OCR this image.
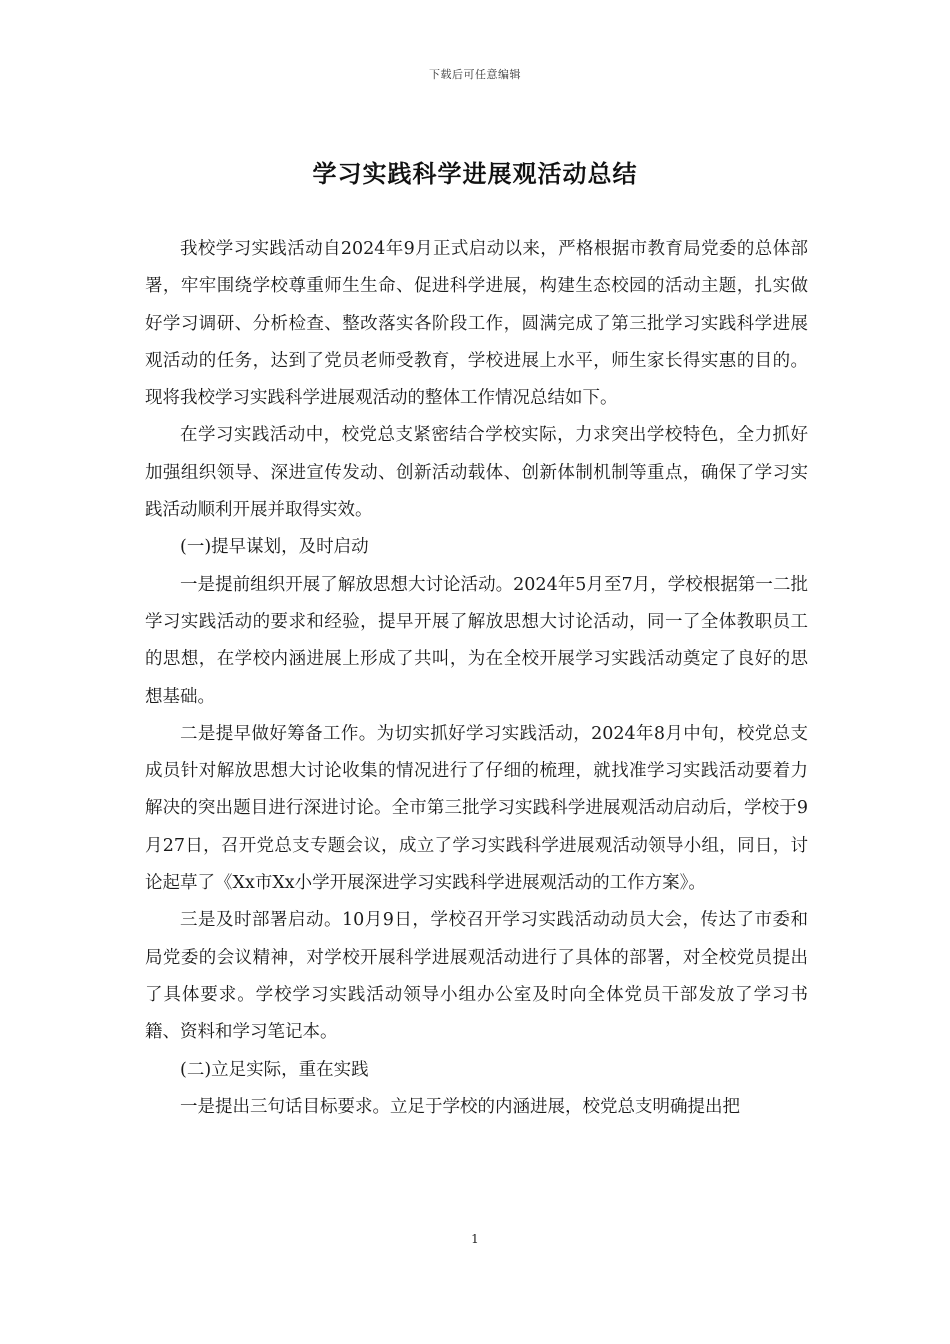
下载后可任意编辑
学习实践科学进展观活动总结

我校学习实践活动自2024年9月正式启动以来，严格根据市教育局党委的总体部署，牢牢围绕学校尊重师生生命、促进科学进展，构建生态校园的活动主题，扎实做好学习调研、分析检查、整改落实各阶段工作，圆满完成了第三批学习实践科学进展观活动的任务，达到了党员老师受教育，学校进展上水平，师生家长得实惠的目的。现将我校学习实践科学进展观活动的整体工作情况总结如下。

在学习实践活动中，校党总支紧密结合学校实际，力求突出学校特色，全力抓好加强组织领导、深进宣传发动、创新活动载体、创新体制机制等重点，确保了学习实践活动顺利开展并取得实效。

(一)提早谋划，及时启动

一是提前组织开展了解放思想大讨论活动。2024年5月至7月，学校根据第一二批学习实践活动的要求和经验，提早开展了解放思想大讨论活动，同一了全体教职员工的思想，在学校内涵进展上形成了共叫，为在全校开展学习实践活动奠定了良好的思想基础。

二是提早做好筹备工作。为切实抓好学习实践活动，2024年8月中旬，校党总支成员针对解放思想大讨论收集的情况进行了仔细的梳理，就找准学习实践活动要着力解决的突出题目进行深进讨论。全市第三批学习实践科学进展观活动启动后，学校于9月27日，召开党总支专题会议，成立了学习实践科学进展观活动领导小组，同日，讨论起草了《Xx市Xx小学开展深进学习实践科学进展观活动的工作方案》。

三是及时部署启动。10月9日，学校召开学习实践活动动员大会，传达了市委和局党委的会议精神，对学校开展科学进展观活动进行了具体的部署，对全校党员提出了具体要求。学校学习实践活动领导小组办公室及时向全体党员干部发放了学习书籍、资料和学习笔记本。

(二)立足实际，重在实践

一是提出三句话目标要求。立足于学校的内涵进展，校党总支明确提出把

1
